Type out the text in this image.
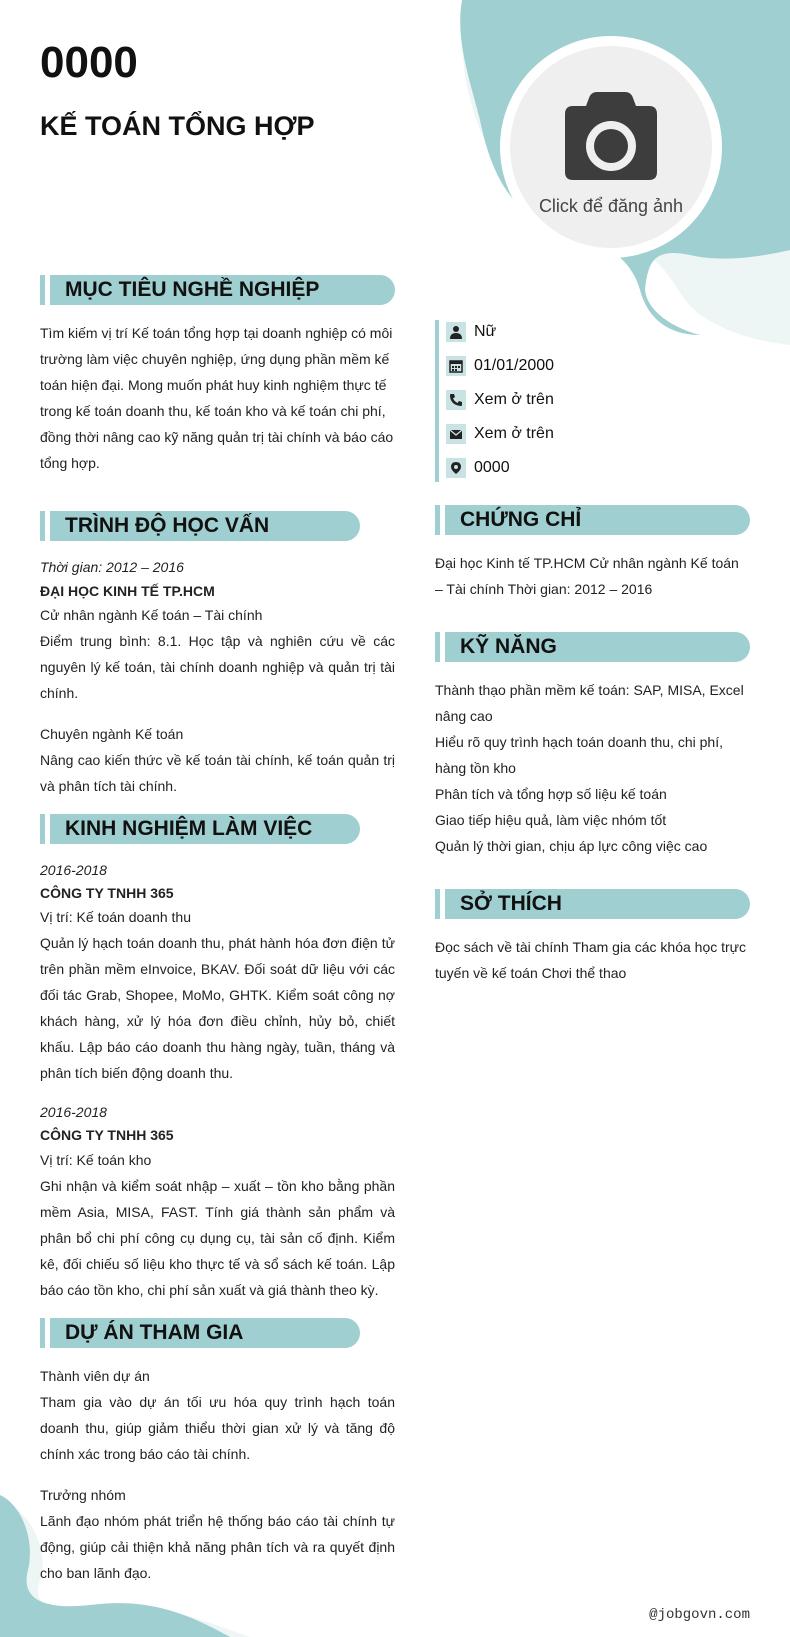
0000
KẾ TOÁN TỔNG HỢP
Click để đăng ảnh
MỤC TIÊU NGHỀ NGHIỆP
Tìm kiếm vị trí Kế toán tổng hợp tại doanh nghiệp có môi trường làm việc chuyên nghiệp, ứng dụng phần mềm kế toán hiện đại. Mong muốn phát huy kinh nghiệm thực tế trong kế toán doanh thu, kế toán kho và kế toán chi phí, đồng thời nâng cao kỹ năng quản trị tài chính và báo cáo tổng hợp.
TRÌNH ĐỘ HỌC VẤN
Thời gian: 2012 – 2016
ĐẠI HỌC KINH TẾ TP.HCM
Cử nhân ngành Kế toán – Tài chính
Điểm trung bình: 8.1. Học tập và nghiên cứu về các nguyên lý kế toán, tài chính doanh nghiệp và quản trị tài chính.
Chuyên ngành Kế toán
Nâng cao kiến thức về kế toán tài chính, kế toán quản trị và phân tích tài chính.
KINH NGHIỆM LÀM VIỆC
2016-2018
CÔNG TY TNHH 365
Vị trí: Kế toán doanh thu
Quản lý hạch toán doanh thu, phát hành hóa đơn điện tử trên phần mềm eInvoice, BKAV. Đối soát dữ liệu với các đối tác Grab, Shopee, MoMo, GHTK. Kiểm soát công nợ khách hàng, xử lý hóa đơn điều chỉnh, hủy bỏ, chiết khấu. Lập báo cáo doanh thu hàng ngày, tuần, tháng và phân tích biến động doanh thu.
2016-2018
CÔNG TY TNHH 365
Vị trí: Kế toán kho
Ghi nhận và kiểm soát nhập – xuất – tồn kho bằng phần mềm Asia, MISA, FAST. Tính giá thành sản phẩm và phân bổ chi phí công cụ dụng cụ, tài sản cố định. Kiểm kê, đối chiếu số liệu kho thực tế và sổ sách kế toán. Lập báo cáo tồn kho, chi phí sản xuất và giá thành theo kỳ.
DỰ ÁN THAM GIA
Thành viên dự án
Tham gia vào dự án tối ưu hóa quy trình hạch toán doanh thu, giúp giảm thiểu thời gian xử lý và tăng độ chính xác trong báo cáo tài chính.
Trưởng nhóm
Lãnh đạo nhóm phát triển hệ thống báo cáo tài chính tự động, giúp cải thiện khả năng phân tích và ra quyết định cho ban lãnh đạo.
Nữ
01/01/2000
Xem ở trên
Xem ở trên
0000
CHỨNG CHỈ
Đại học Kinh tế TP.HCM Cử nhân ngành Kế toán – Tài chính Thời gian: 2012 – 2016
KỸ NĂNG
Thành thạo phần mềm kế toán: SAP, MISA, Excel nâng cao
Hiểu rõ quy trình hạch toán doanh thu, chi phí, hàng tồn kho
Phân tích và tổng hợp số liệu kế toán
Giao tiếp hiệu quả, làm việc nhóm tốt
Quản lý thời gian, chịu áp lực công việc cao
SỞ THÍCH
Đọc sách về tài chính Tham gia các khóa học trực tuyến về kế toán Chơi thể thao
@jobgovn.com
